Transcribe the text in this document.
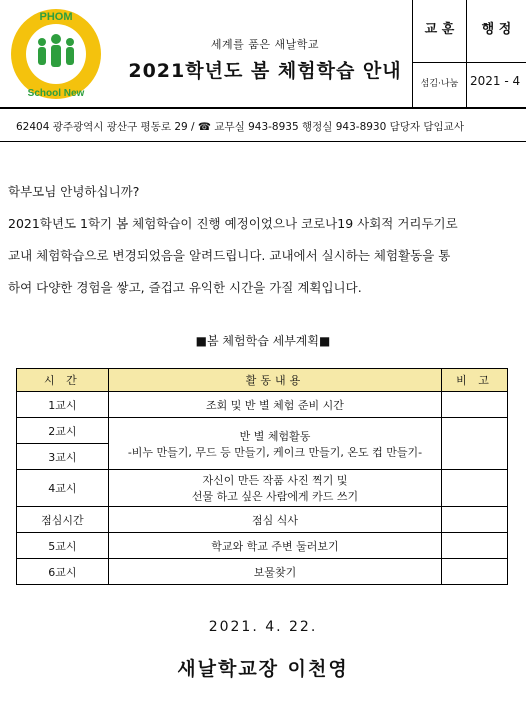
PHOM
School New
세계를 품은 새날학교
2021학년도 봄 체험학습 안내
교 훈	행 정
섬김·나눔 2021 - 4
62404 광주광역시 광산구 평동로 29 / ☎ 교무실 943-8935 행정실 943-8930 담당자 담임교사

학부모님 안녕하십니까?

2021학년도 1학기 봄 체험학습이 진행 예정이었으나 코로나19 사회적 거리두기로

교내 체험학습으로 변경되었음을 알려드립니다. 교내에서 실시하는 체험활동을 통

하여 다양한 경험을 쌓고, 즐겁고 유익한 시간을 가질 계획입니다.

■봄 체험학습 세부계획■
시 간	활동내용	비 고
1교시	조회 및 반 별 체험 준비 시간	
2교시	반 별 체험활동
-비누 만들기, 무드 등 만들기, 케이크 만들기, 온도 컵 만들기-	

3교시		
4교시	자신이 만든 작품 사진 찍기 및
선물 하고 싶은 사람에게 카드 쓰기	

점심시간	점심 식사	
5교시	학교와 학교 주변 둘러보기	
6교시	보물찾기	
2021. 4. 22.
새날학교장 이천영
